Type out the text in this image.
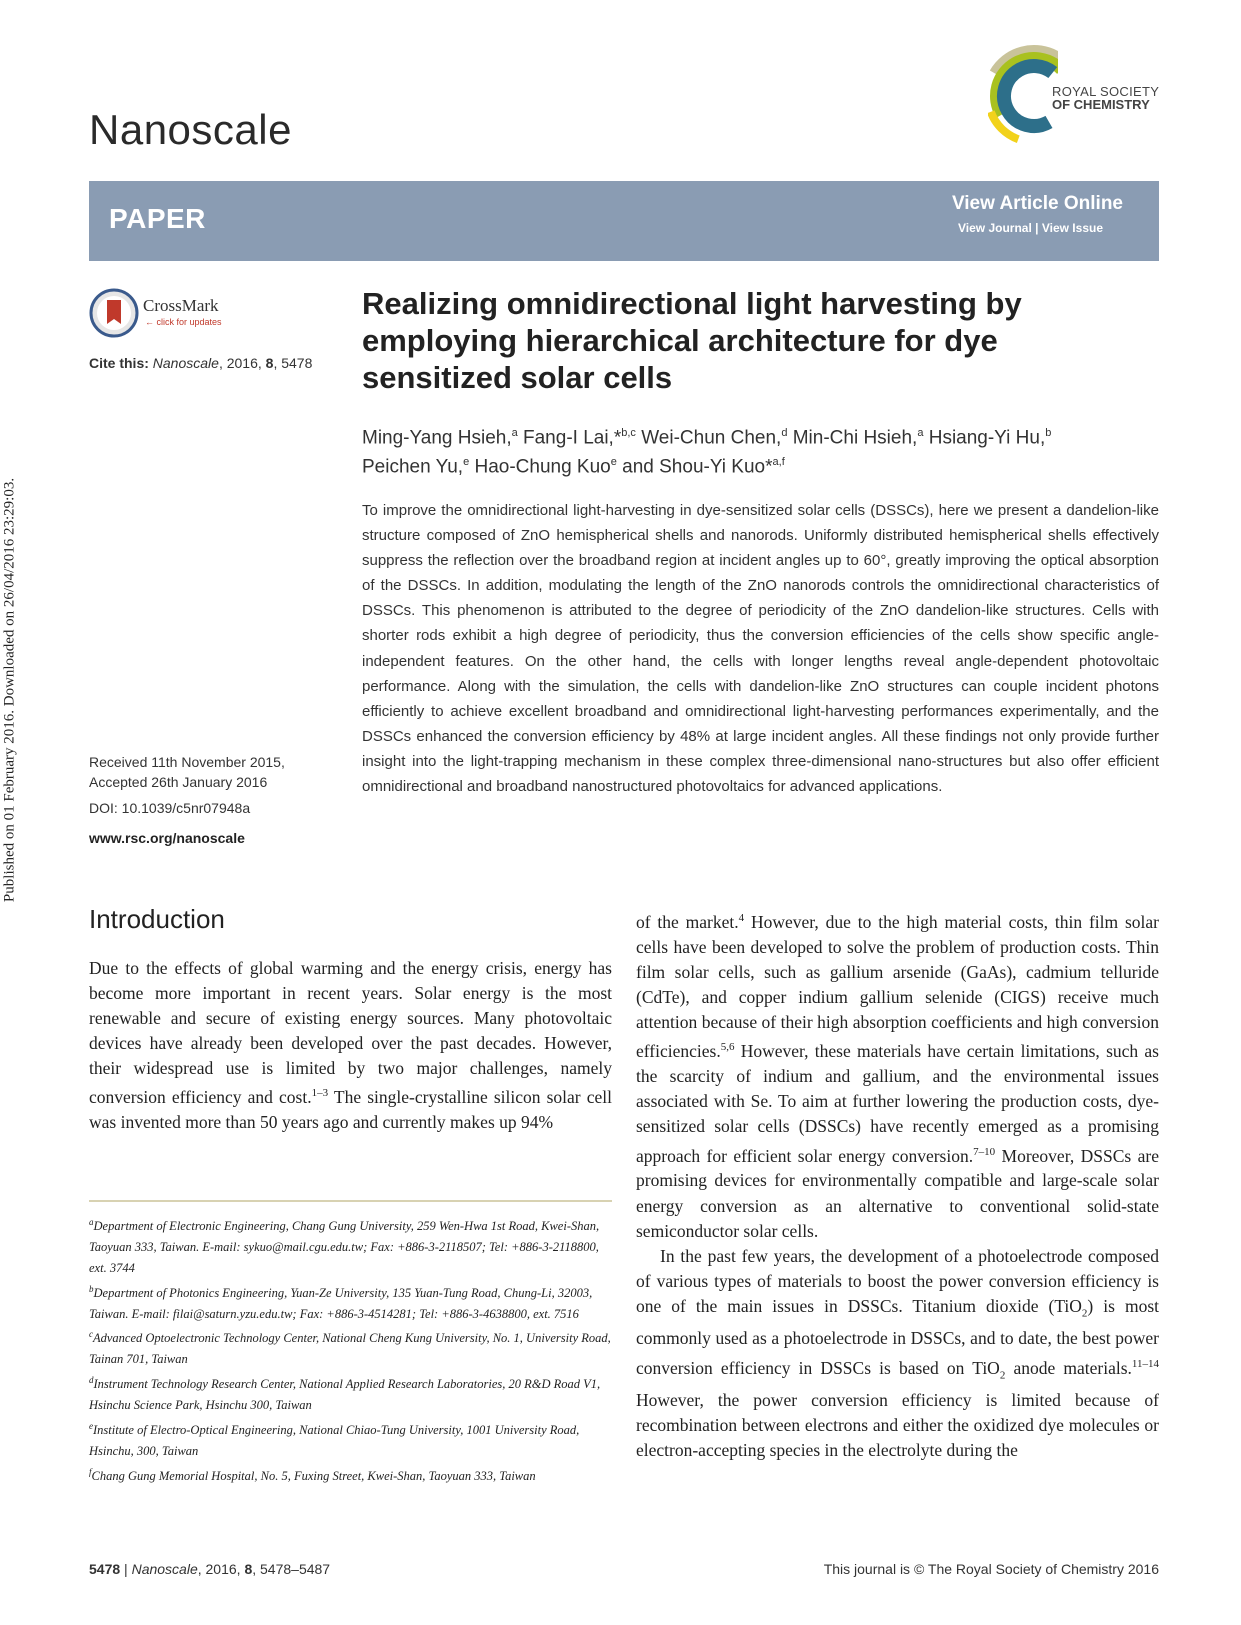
Published on 01 February 2016. Downloaded on 26/04/2016 23:29:03.
Nanoscale
ROYAL SOCIETY
OF CHEMISTRY
PAPER	View Article Online
View Journal | View Issue
CrossMark
← click for updates
Cite this: Nanoscale, 2016, 8, 5478
Received 11th November 2015,
Accepted 26th January 2016
DOI: 10.1039/c5nr07948a
www.rsc.org/nanoscale
Realizing omnidirectional light harvesting by employing hierarchical architecture for dye sensitized solar cells
Ming-Yang Hsieh,$^a$ Fang-I Lai,*$^{b,c}$ Wei-Chun Chen,$^d$ Min-Chi Hsieh,$^a$ Hsiang-Yi Hu,$^b$
Peichen Yu,$^e$ Hao-Chung Kuo$^e$ and Shou-Yi Kuo*$^{a,f}$
To improve the omnidirectional light-harvesting in dye-sensitized solar cells (DSSCs), here we present a dandelion-like structure composed of ZnO hemispherical shells and nanorods. Uniformly distributed hemispherical shells effectively suppress the reflection over the broadband region at incident angles up to 60°, greatly improving the optical absorption of the DSSCs. In addition, modulating the length of the ZnO nanorods controls the omnidirectional characteristics of DSSCs. This phenomenon is attributed to the degree of periodicity of the ZnO dandelion-like structures. Cells with shorter rods exhibit a high degree of periodicity, thus the conversion efficiencies of the cells show specific angle-independent features. On the other hand, the cells with longer lengths reveal angle-dependent photovoltaic performance. Along with the simulation, the cells with dandelion-like ZnO structures can couple incident photons efficiently to achieve excellent broadband and omnidirectional light-harvesting performances experimentally, and the DSSCs enhanced the conversion efficiency by 48% at large incident angles. All these findings not only provide further insight into the light-trapping mechanism in these complex three-dimensional nano-structures but also offer efficient omnidirectional and broadband nanostructured photovoltaics for advanced applications.
Introduction

Due to the effects of global warming and the energy crisis, energy has become more important in recent years. Solar energy is the most renewable and secure of existing energy sources. Many photovoltaic devices have already been developed over the past decades. However, their widespread use is limited by two major challenges, namely conversion efficiency and cost.$^{1-3}$ The single-crystalline silicon solar cell was invented more than 50 years ago and currently makes up 94%

$^a$Department of Electronic Engineering, Chang Gung University, 259 Wen-Hwa 1st Road, Kwei-Shan, Taoyuan 333, Taiwan. E-mail: sykuo@mail.cgu.edu.tw; Fax: +886-3-2118507; Tel: +886-3-2118800, ext. 3744
$^b$Department of Photonics Engineering, Yuan-Ze University, 135 Yuan-Tung Road, Chung-Li, 32003, Taiwan. E-mail: filai@saturn.yzu.edu.tw; Fax: +886-3-4514281; Tel: +886-3-4638800, ext. 7516
$^c$Advanced Optoelectronic Technology Center, National Cheng Kung University, No. 1, University Road, Tainan 701, Taiwan
$^d$Instrument Technology Research Center, National Applied Research Laboratories, 20 R&D Road V1, Hsinchu Science Park, Hsinchu 300, Taiwan
$^e$Institute of Electro-Optical Engineering, National Chiao-Tung University, 1001 University Road, Hsinchu, 300, Taiwan
$^f$Chang Gung Memorial Hospital, No. 5, Fuxing Street, Kwei-Shan, Taoyuan 333, Taiwan

of the market.$^4$ However, due to the high material costs, thin film solar cells have been developed to solve the problem of production costs. Thin film solar cells, such as gallium arsenide (GaAs), cadmium telluride (CdTe), and copper indium gallium selenide (CIGS) receive much attention because of their high absorption coefficients and high conversion efficiencies.$^{5,6}$ However, these materials have certain limitations, such as the scarcity of indium and gallium, and the environmental issues associated with Se. To aim at further lowering the production costs, dye-sensitized solar cells (DSSCs) have recently emerged as a promising approach for efficient solar energy conversion.$^{7-10}$ Moreover, DSSCs are promising devices for environmentally compatible and large-scale solar energy conversion as an alternative to conventional solid-state semiconductor solar cells.

In the past few years, the development of a photoelectrode composed of various types of materials to boost the power conversion efficiency is one of the main issues in DSSCs. Titanium dioxide (TiO$_2$) is most commonly used as a photoelectrode in DSSCs, and to date, the best power conversion efficiency in DSSCs is based on TiO$_2$ anode materials.$^{11-14}$ However, the power conversion efficiency is limited because of recombination between electrons and either the oxidized dye molecules or electron-accepting species in the electrolyte during the

5478 | Nanoscale, 2016, 8, 5478–5487	This journal is © The Royal Society of Chemistry 2016
